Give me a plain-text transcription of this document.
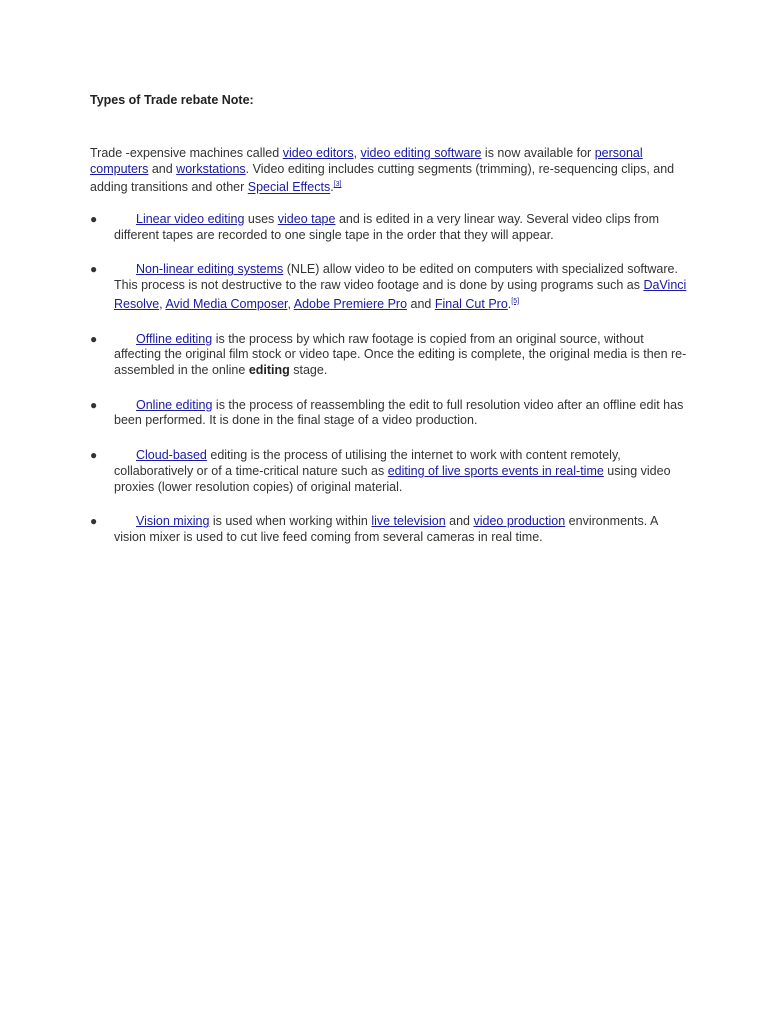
Types of Trade rebate Note:

Trade -expensive machines called video editors, video editing software is now available for personal computers and workstations. Video editing includes cutting segments (trimming), re-sequencing clips, and adding transitions and other Special Effects.[3]

●	Linear video editing uses video tape and is edited in a very linear way. Several video clips from different tapes are recorded to one single tape in the order that they will appear.
●	Non-linear editing systems (NLE) allow video to be edited on computers with specialized software. This process is not destructive to the raw video footage and is done by using programs such as DaVinci Resolve, Avid Media Composer, Adobe Premiere Pro and Final Cut Pro.[5]
●	Offline editing is the process by which raw footage is copied from an original source, without affecting the original film stock or video tape. Once the editing is complete, the original media is then re-assembled in the online editing stage.
●	Online editing is the process of reassembling the edit to full resolution video after an offline edit has been performed. It is done in the final stage of a video production.
●	Cloud-based editing is the process of utilising the internet to work with content remotely, collaboratively or of a time-critical nature such as editing of live sports events in real-time using video proxies (lower resolution copies) of original material.
●	Vision mixing is used when working within live television and video production environments. A vision mixer is used to cut live feed coming from several cameras in real time.
